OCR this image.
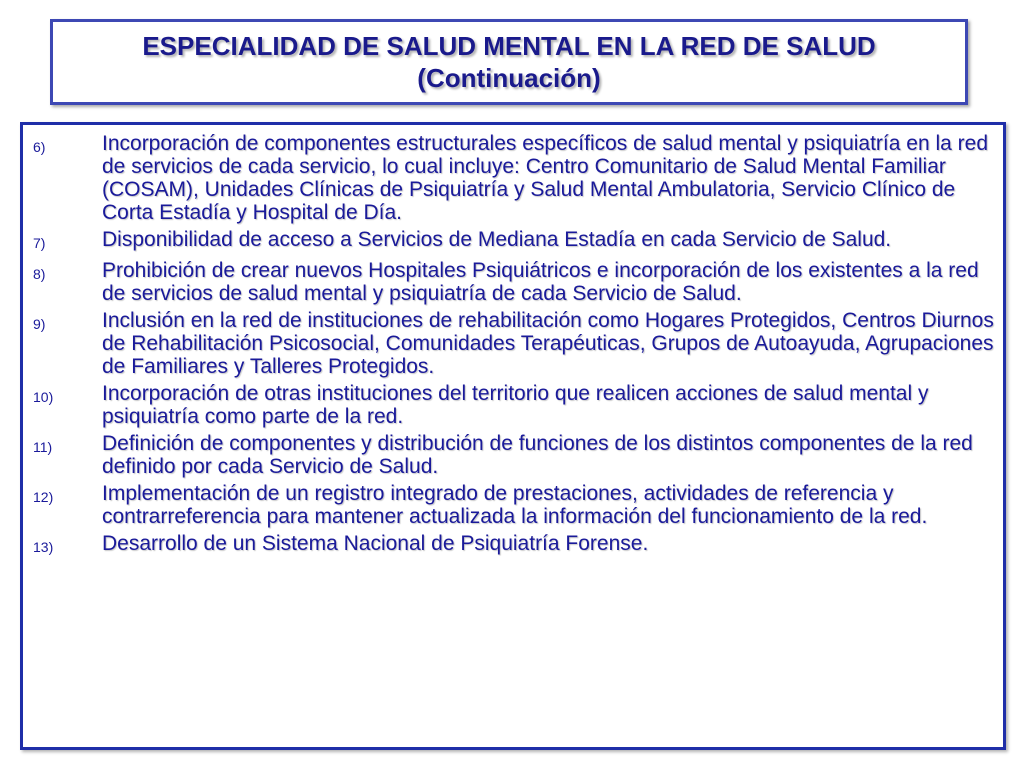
ESPECIALIDAD DE SALUD MENTAL EN LA RED DE SALUD
(Continuación)
6)	Incorporación de componentes estructurales específicos de salud mental y psiquiatría en la red de servicios de cada servicio, lo cual incluye: Centro Comunitario de Salud Mental Familiar (COSAM), Unidades Clínicas de Psiquiatría y Salud Mental Ambulatoria, Servicio Clínico de Corta Estadía y Hospital de Día.
7)	Disponibilidad de acceso a Servicios de Mediana Estadía en cada Servicio de Salud.
8)	Prohibición de crear nuevos Hospitales Psiquiátricos e incorporación de los existentes a la red de servicios de salud mental y psiquiatría de cada Servicio de Salud.
9)	Inclusión en la red de instituciones de rehabilitación como Hogares Protegidos, Centros Diurnos de Rehabilitación Psicosocial, Comunidades Terapéuticas, Grupos de Autoayuda, Agrupaciones de Familiares y Talleres Protegidos.
10)	Incorporación de otras instituciones del territorio que realicen acciones de salud mental y psiquiatría como parte de la red.
11)	Definición de componentes y distribución de funciones de los distintos componentes de la red definido por cada Servicio de Salud.
12)	Implementación de un registro integrado de prestaciones, actividades de referencia y contrarreferencia para mantener actualizada la información del funcionamiento de la red.
13)	Desarrollo de un Sistema Nacional de Psiquiatría Forense.
